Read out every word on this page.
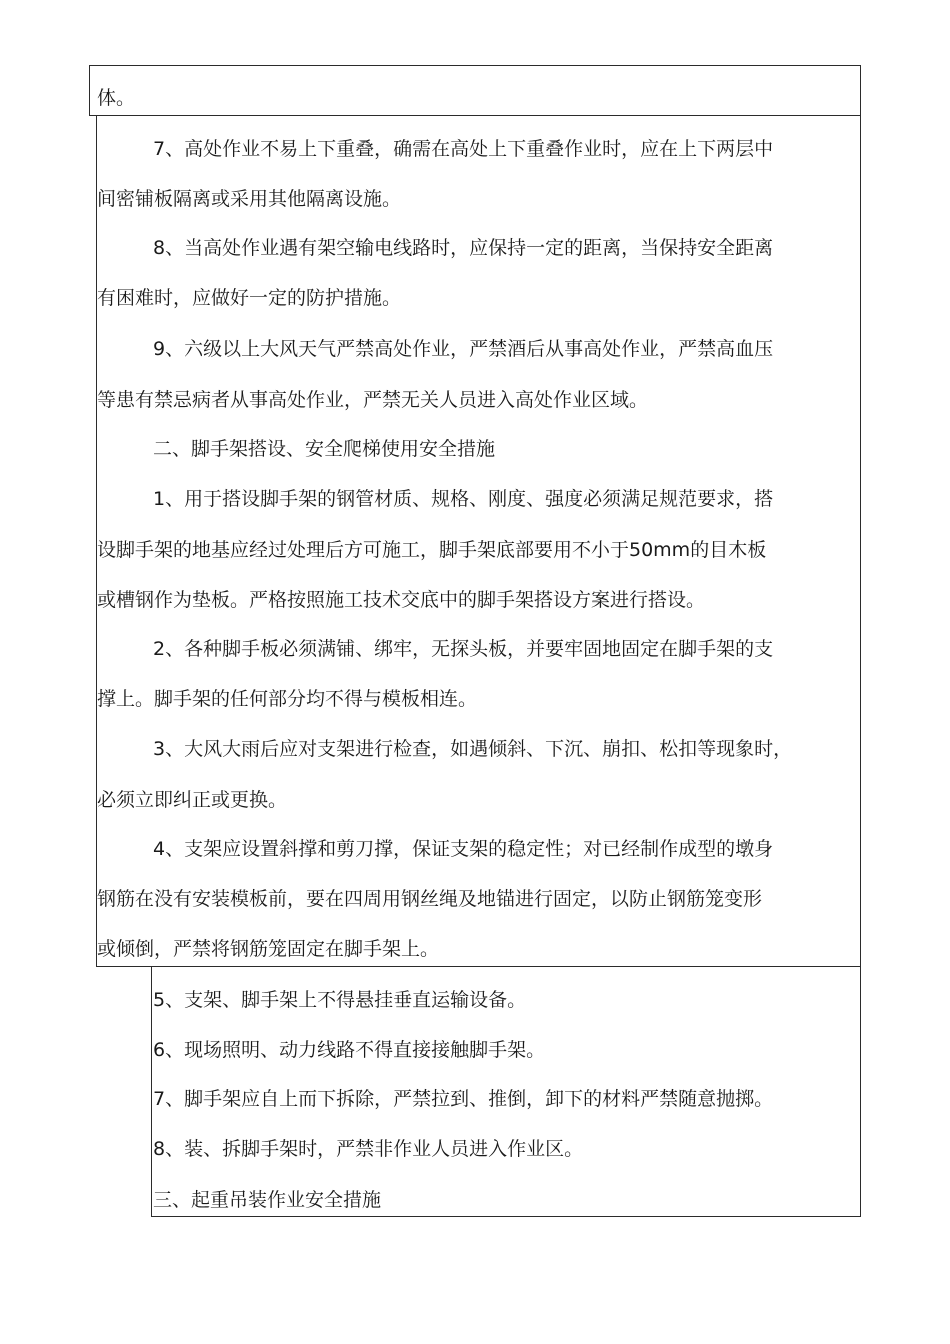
体。
7、高处作业不易上下重叠，确需在高处上下重叠作业时，应在上下两层中
间密铺板隔离或采用其他隔离设施。
8、当高处作业遇有架空输电线路时，应保持一定的距离，当保持安全距离
有困难时，应做好一定的防护措施。
9、六级以上大风天气严禁高处作业，严禁酒后从事高处作业，严禁高血压
等患有禁忌病者从事高处作业，严禁无关人员进入高处作业区域。
二、脚手架搭设、安全爬梯使用安全措施
1、用于搭设脚手架的钢管材质、规格、刚度、强度必须满足规范要求，搭
设脚手架的地基应经过处理后方可施工，脚手架底部要用不小于50mm的目木板
或槽钢作为垫板。严格按照施工技术交底中的脚手架搭设方案进行搭设。
2、各种脚手板必须满铺、绑牢，无探头板，并要牢固地固定在脚手架的支
撑上。脚手架的任何部分均不得与模板相连。
3、大风大雨后应对支架进行检查，如遇倾斜、下沉、崩扣、松扣等现象时，
必须立即纠正或更换。
4、支架应设置斜撑和剪刀撑，保证支架的稳定性；对已经制作成型的墩身
钢筋在没有安装模板前，要在四周用钢丝绳及地锚进行固定，以防止钢筋笼变形
或倾倒，严禁将钢筋笼固定在脚手架上。
5、支架、脚手架上不得悬挂垂直运输设备。
6、现场照明、动力线路不得直接接触脚手架。
7、脚手架应自上而下拆除，严禁拉到、推倒，卸下的材料严禁随意抛掷。
8、装、拆脚手架时，严禁非作业人员进入作业区。
三、起重吊装作业安全措施
